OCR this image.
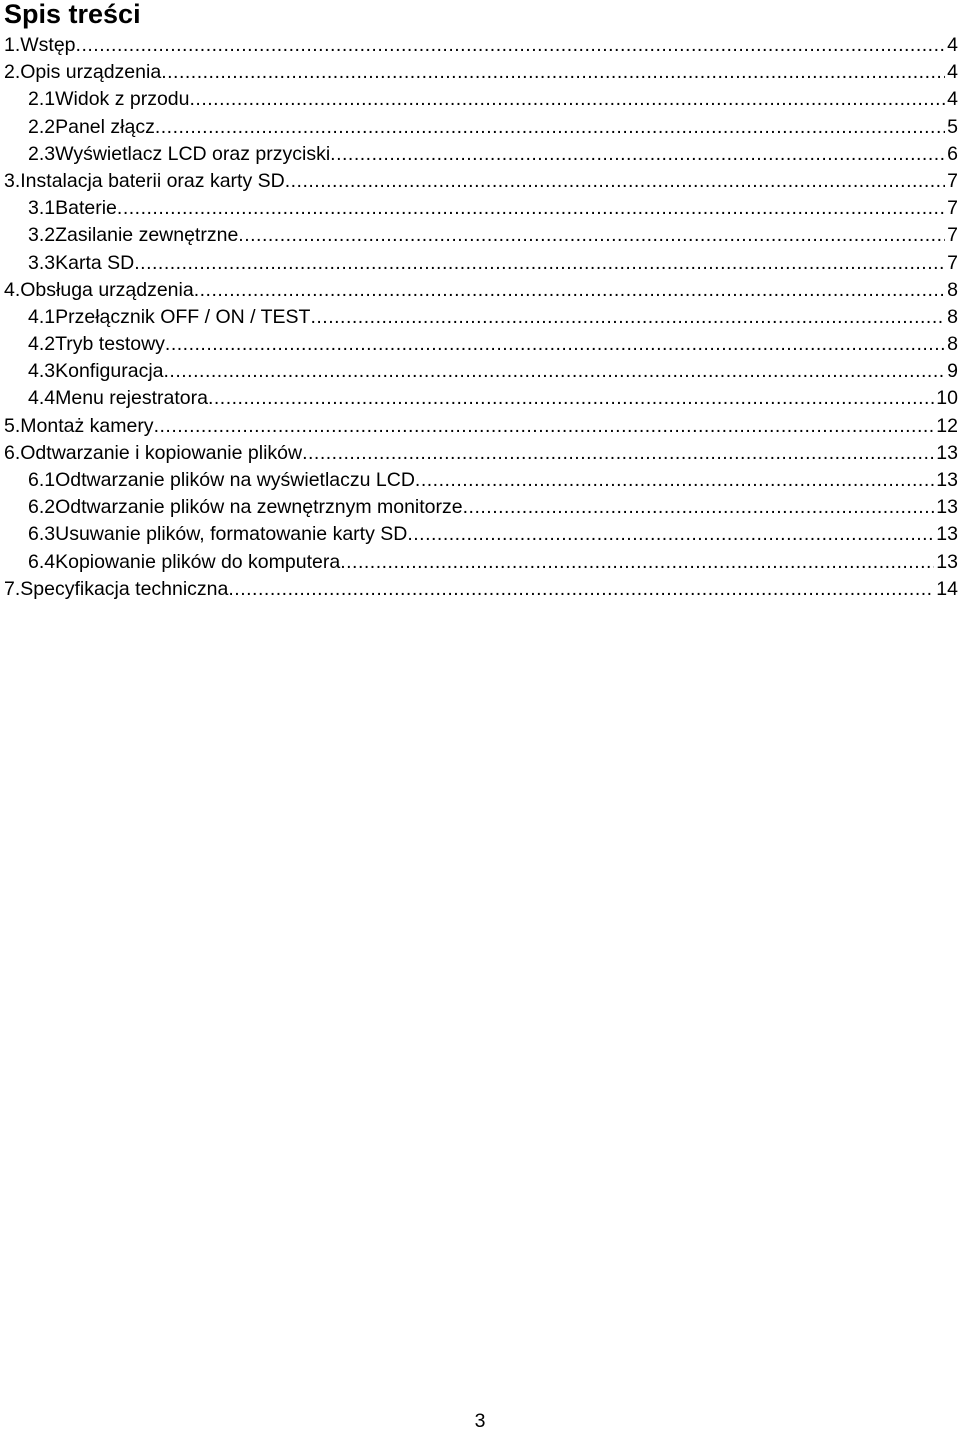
Spis treści
1. Wstęp .....	4
2. Opis urządzenia .....	4
2.1 Widok z przodu .....	4
2.2 Panel złącz .....	5
2.3 Wyświetlacz LCD oraz przyciski .....	6
3. Instalacja baterii oraz karty SD .....	7
3.1 Baterie .....	7
3.2 Zasilanie zewnętrzne .....	7
3.3 Karta SD .....	7
4. Obsługa urządzenia .....	8
4.1 Przełącznik OFF / ON / TEST .....	8
4.2 Tryb testowy .....	8
4.3 Konfiguracja .....	9
4.4 Menu rejestratora .....	10
5. Montaż kamery .....	12
6. Odtwarzanie i kopiowanie plików .....	13
6.1 Odtwarzanie plików na wyświetlaczu LCD .....	13
6.2 Odtwarzanie plików na zewnętrznym monitorze .....	13
6.3 Usuwanie plików, formatowanie karty SD .....	13
6.4 Kopiowanie plików do komputera .....	13
7. Specyfikacja techniczna .....	14
3
